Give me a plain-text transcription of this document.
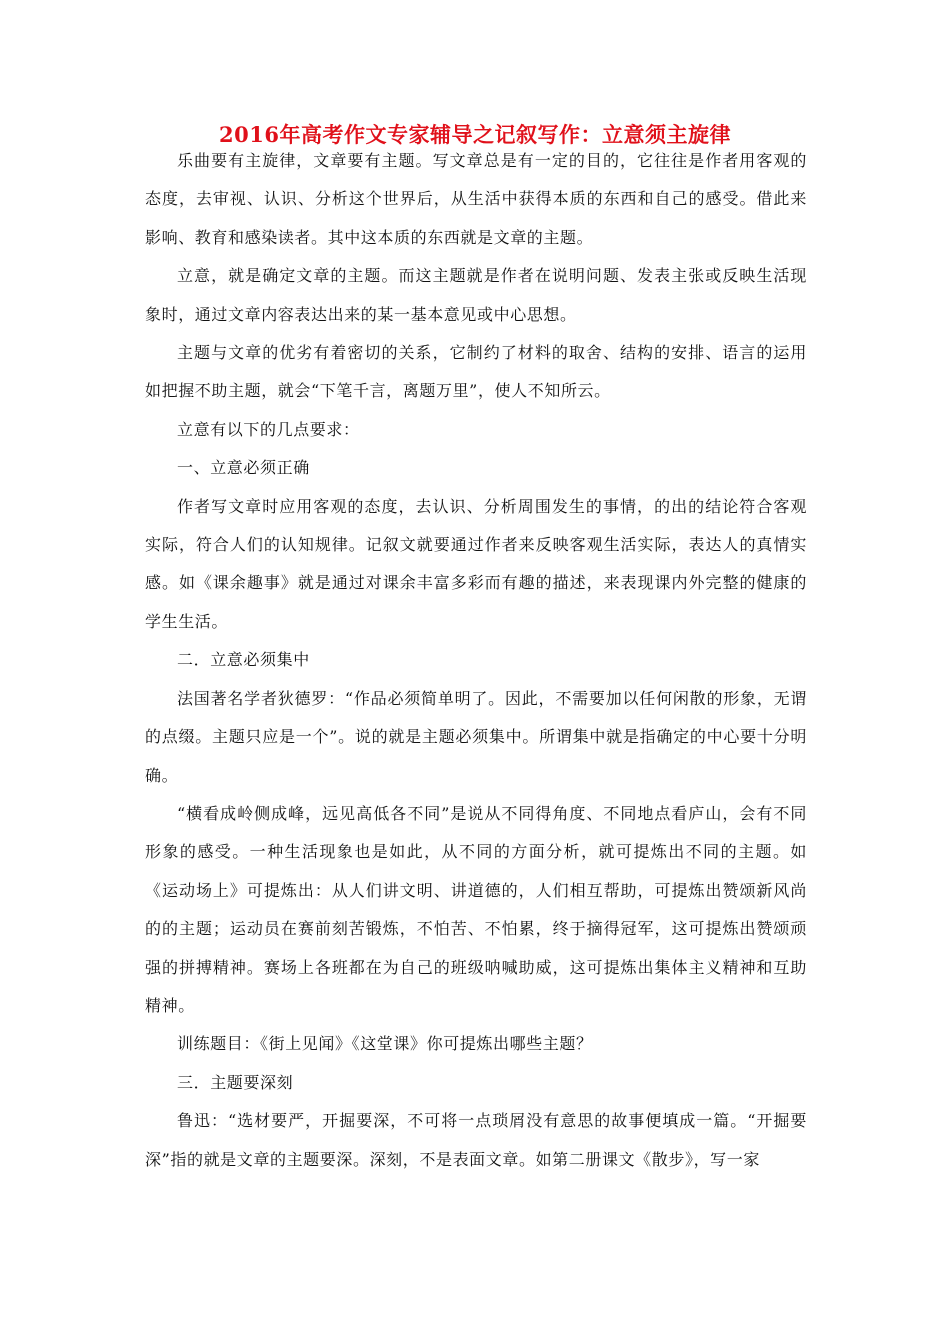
2016年高考作文专家辅导之记叙写作：立意须主旋律

乐曲要有主旋律，文章要有主题。写文章总是有一定的目的，它往往是作者用客观的态度，去审视、认识、分析这个世界后，从生活中获得本质的东西和自己的感受。借此来影响、教育和感染读者。其中这本质的东西就是文章的主题。

立意，就是确定文章的主题。而这主题就是作者在说明问题、发表主张或反映生活现象时，通过文章内容表达出来的某一基本意见或中心思想。

主题与文章的优劣有着密切的关系，它制约了材料的取舍、结构的安排、语言的运用如把握不助主题，就会“下笔千言，离题万里”，使人不知所云。

立意有以下的几点要求：

一、立意必须正确

作者写文章时应用客观的态度，去认识、分析周围发生的事情，的出的结论符合客观实际，符合人们的认知规律。记叙文就要通过作者来反映客观生活实际，表达人的真情实感。如《课余趣事》就是通过对课余丰富多彩而有趣的描述，来表现课内外完整的健康的学生生活。

二．立意必须集中

法国著名学者狄德罗：“作品必须简单明了。因此，不需要加以任何闲散的形象，无谓的点缀。主题只应是一个”。说的就是主题必须集中。所谓集中就是指确定的中心要十分明确。

“横看成岭侧成峰，远见高低各不同”是说从不同得角度、不同地点看庐山，会有不同形象的感受。一种生活现象也是如此，从不同的方面分析，就可提炼出不同的主题。如《运动场上》可提炼出：从人们讲文明、讲道德的，人们相互帮助，可提炼出赞颂新风尚的的主题；运动员在赛前刻苦锻炼，不怕苦、不怕累，终于摘得冠军，这可提炼出赞颂顽强的拼搏精神。赛场上各班都在为自己的班级呐喊助威，这可提炼出集体主义精神和互助精神。

训练题目：《街上见闻》《这堂课》你可提炼出哪些主题？

三．主题要深刻

鲁迅：“选材要严，开掘要深，不可将一点琐屑没有意思的故事便填成一篇。“开掘要深”指的就是文章的主题要深。深刻，不是表面文章。如第二册课文《散步》，写一家
